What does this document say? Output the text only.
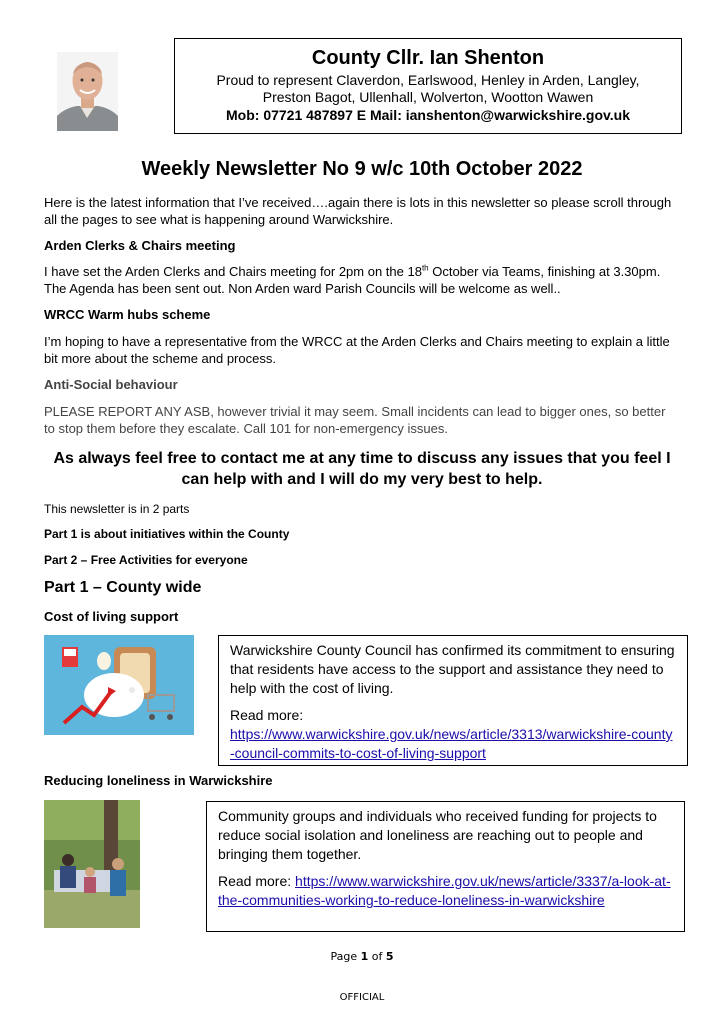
County Cllr. Ian Shenton
Proud to represent Claverdon, Earlswood, Henley in Arden, Langley, Preston Bagot, Ullenhall, Wolverton, Wootton Wawen
Mob: 07721 487897 E Mail: ianshenton@warwickshire.gov.uk
Weekly Newsletter No 9 w/c 10th October 2022
Here is the latest information that I’ve received….again there is lots in this newsletter so please scroll through all the pages to see what is happening around Warwickshire.
Arden Clerks & Chairs meeting
I have set the Arden Clerks and Chairs meeting for 2pm on the 18th October via Teams, finishing at 3.30pm. The Agenda has been sent out. Non Arden ward Parish Councils will be welcome as well..
WRCC Warm hubs scheme
I’m hoping to have a representative from the WRCC at the Arden Clerks and Chairs meeting to explain a little bit more about the scheme and process.
Anti-Social behaviour
PLEASE REPORT ANY ASB, however trivial it may seem. Small incidents can lead to bigger ones, so better to stop them before they escalate. Call 101 for non-emergency issues.
As always feel free to contact me at any time to discuss any issues that you feel I can help with and I will do my very best to help.
This newsletter is in 2 parts
Part 1 is about initiatives within the County
Part 2 – Free Activities for everyone
Part 1 – County wide
Cost of living support

Warwickshire County Council has confirmed its commitment to ensuring that residents have access to the support and assistance they need to help with the cost of living.

Read more:

https://www.warwickshire.gov.uk/news/article/3313/warwickshire-county-council-commits-to-cost-of-living-support
Reducing loneliness in Warwickshire

Community groups and individuals who received funding for projects to reduce social isolation and loneliness are reaching out to people and bringing them together.

Read more: https://www.warwickshire.gov.uk/news/article/3337/a-look-at-the-communities-working-to-reduce-loneliness-in-warwickshire

Page 1 of 5
OFFICIAL
